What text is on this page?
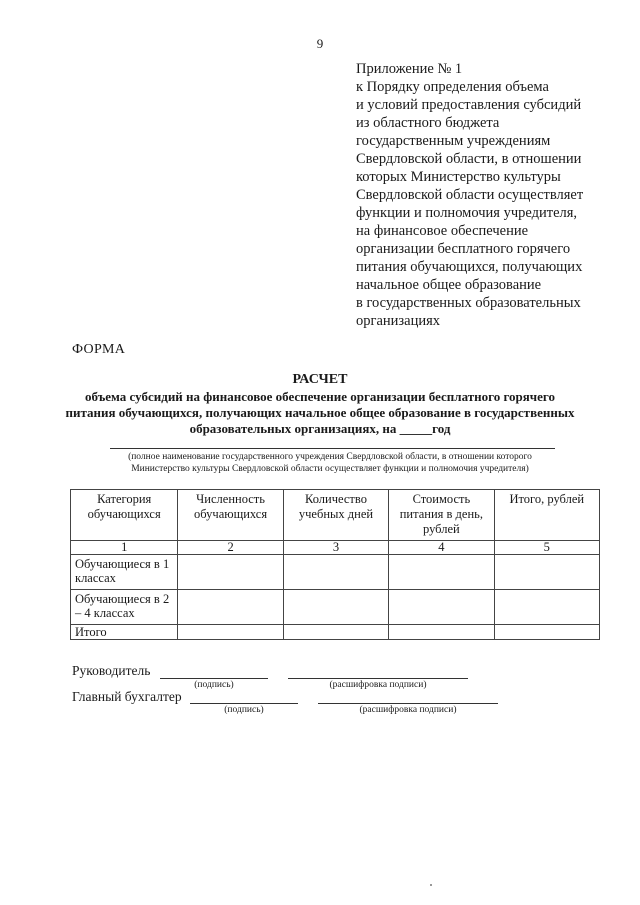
9
Приложение № 1
к Порядку определения объема
и условий предоставления субсидий
из областного бюджета
государственным учреждениям
Свердловской области, в отношении
которых Министерство культуры
Свердловской области осуществляет
функции и полномочия учредителя,
на финансовое обеспечение
организации бесплатного горячего
питания обучающихся, получающих
начальное общее образование
в государственных образовательных
организациях
ФОРМА
РАСЧЕТ
объема субсидий на финансовое обеспечение организации бесплатного горячего
питания обучающихся, получающих начальное общее образование в государственных
образовательных организациях, на _____год
(полное наименование государственного учреждения Свердловской области, в отношении которого
Министерство культуры Свердловской области осуществляет функции и полномочия учредителя)
Категория обучающихся	Численность обучающихся	Количество учебных дней	Стоимость питания в день, рублей	Итого, рублей
1	2	3	4	5
Обучающиеся в 1 классах				
Обучающиеся в 2 – 4 классах				
Итого				
Руководитель
(подпись)	(расшифровка подписи)
Главный бухгалтер
(подпись)	(расшифровка подписи)
